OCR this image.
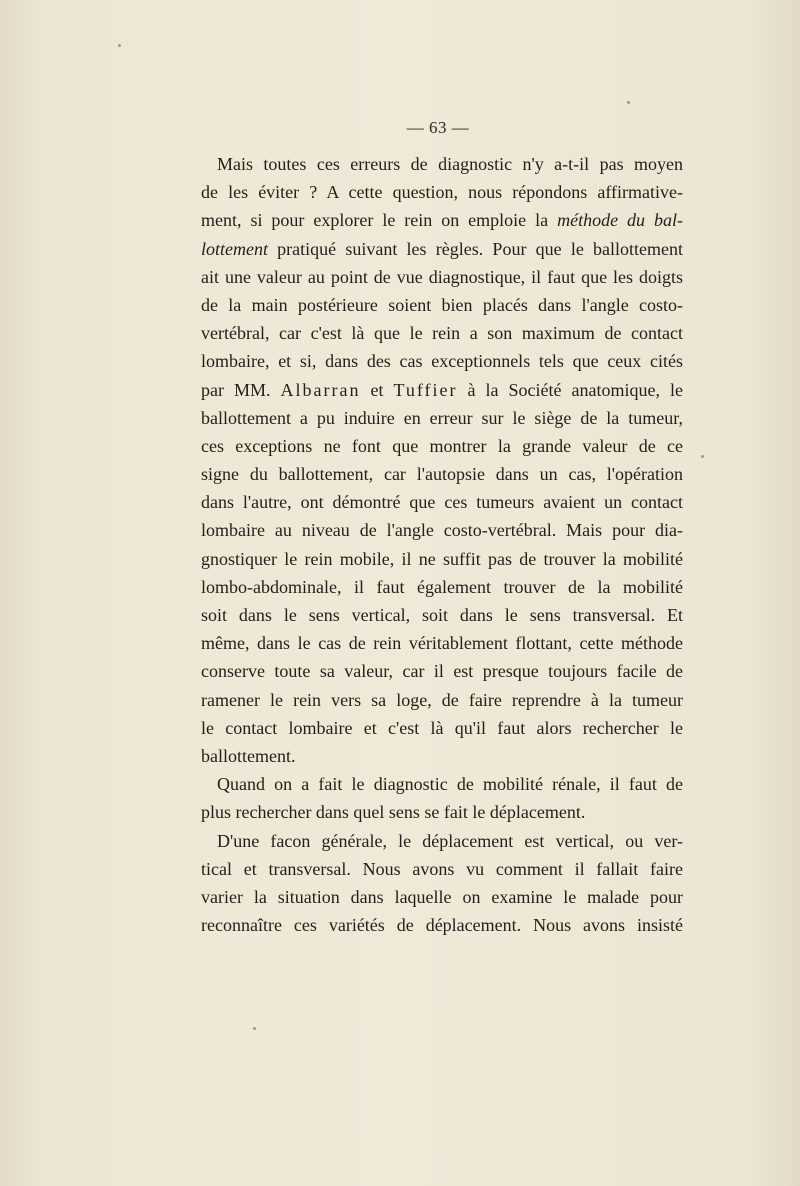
— 63 —
Mais toutes ces erreurs de diagnostic n'y a-t-il pas moyen
de les éviter ? A cette question, nous répondons affirmative-
ment, si pour explorer le rein on emploie la méthode du bal-
lottement pratiqué suivant les règles. Pour que le ballottement
ait une valeur au point de vue diagnostique, il faut que les doigts
de la main postérieure soient bien placés dans l'angle costo-
vertébral, car c'est là que le rein a son maximum de contact
lombaire, et si, dans des cas exceptionnels tels que ceux cités
par MM. Albarran et Tuffier à la Société anatomique, le
ballottement a pu induire en erreur sur le siège de la tumeur,
ces exceptions ne font que montrer la grande valeur de ce
signe du ballottement, car l'autopsie dans un cas, l'opération
dans l'autre, ont démontré que ces tumeurs avaient un contact
lombaire au niveau de l'angle costo-vertébral. Mais pour dia-
gnostiquer le rein mobile, il ne suffit pas de trouver la mobilité
lombo-abdominale, il faut également trouver de la mobilité
soit dans le sens vertical, soit dans le sens transversal. Et
même, dans le cas de rein véritablement flottant, cette méthode
conserve toute sa valeur, car il est presque toujours facile de
ramener le rein vers sa loge, de faire reprendre à la tumeur
le contact lombaire et c'est là qu'il faut alors rechercher le
ballottement.
Quand on a fait le diagnostic de mobilité rénale, il faut de
plus rechercher dans quel sens se fait le déplacement.
D'une facon générale, le déplacement est vertical, ou ver-
tical et transversal. Nous avons vu comment il fallait faire
varier la situation dans laquelle on examine le malade pour
reconnaître ces variétés de déplacement. Nous avons insisté
